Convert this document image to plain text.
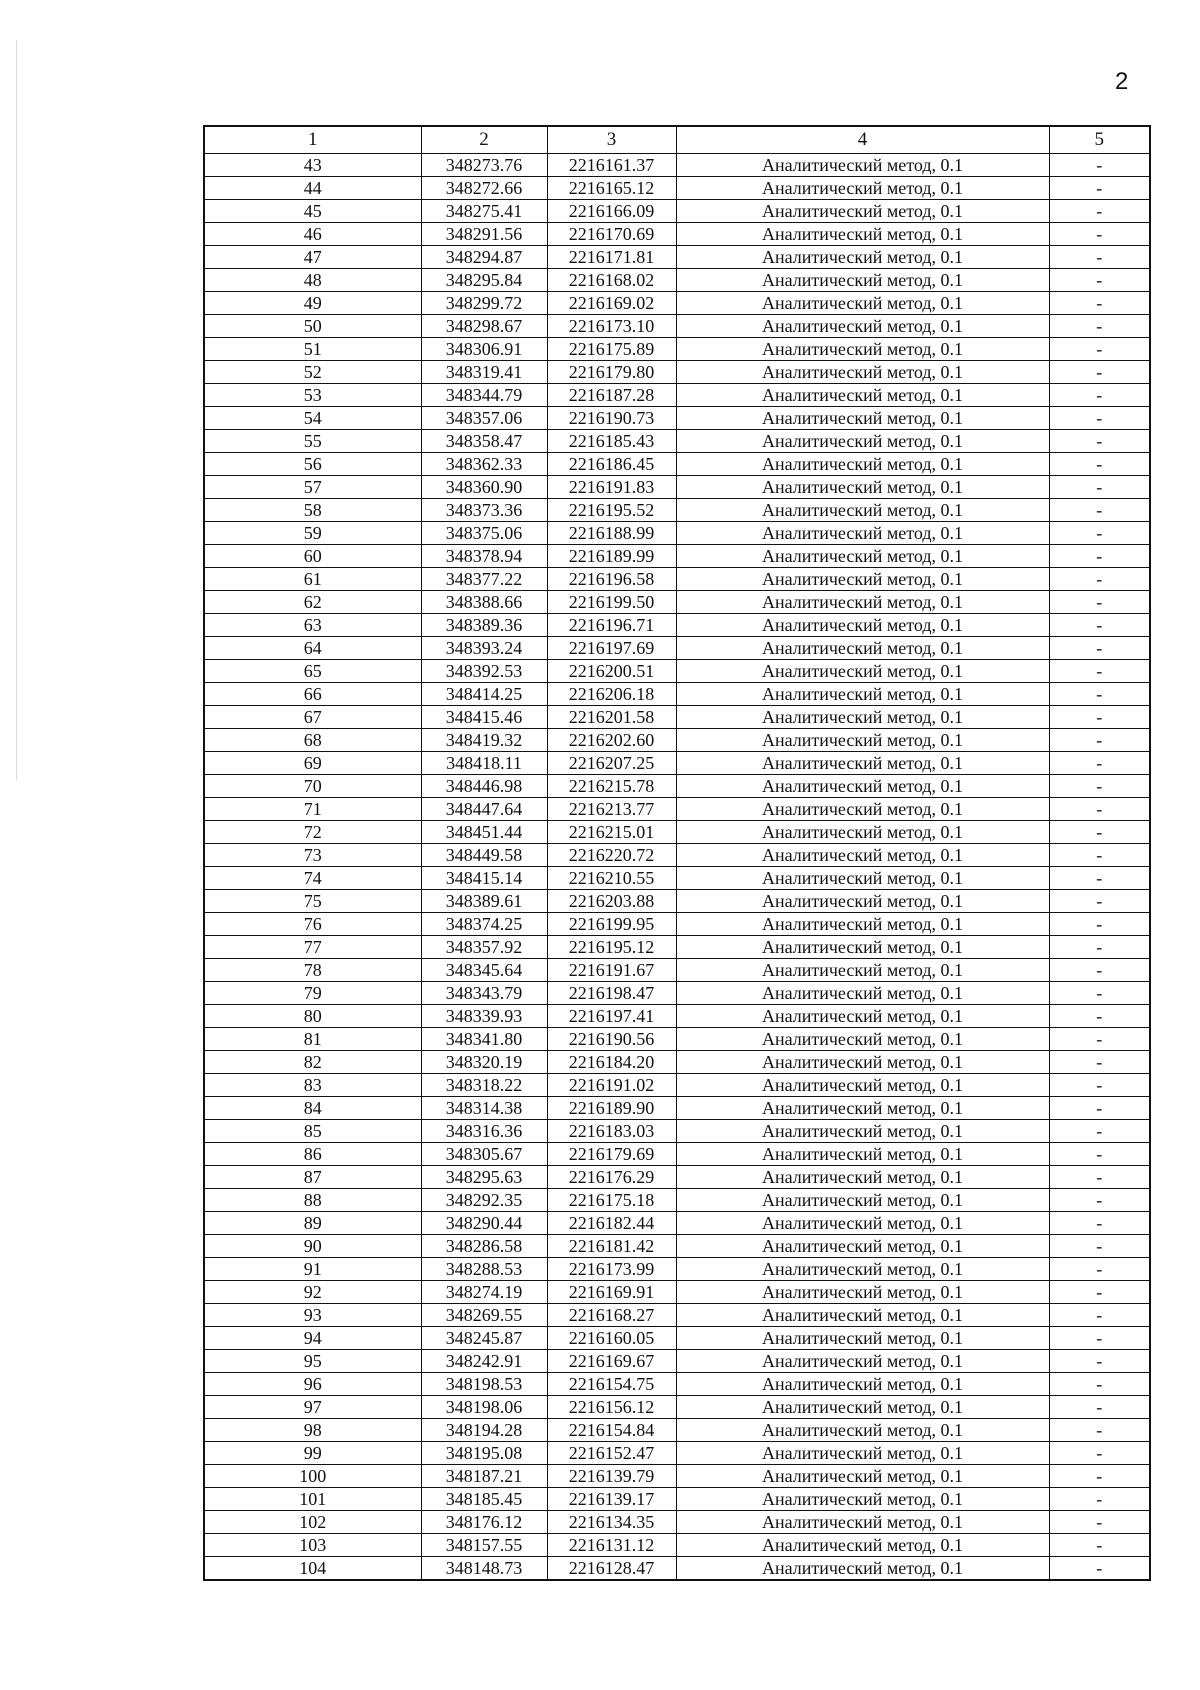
2
1	2	3	4	5
43	348273.76	2216161.37	Аналитический метод, 0.1	-
44	348272.66	2216165.12	Аналитический метод, 0.1	-
45	348275.41	2216166.09	Аналитический метод, 0.1	-
46	348291.56	2216170.69	Аналитический метод, 0.1	-
47	348294.87	2216171.81	Аналитический метод, 0.1	-
48	348295.84	2216168.02	Аналитический метод, 0.1	-
49	348299.72	2216169.02	Аналитический метод, 0.1	-
50	348298.67	2216173.10	Аналитический метод, 0.1	-
51	348306.91	2216175.89	Аналитический метод, 0.1	-
52	348319.41	2216179.80	Аналитический метод, 0.1	-
53	348344.79	2216187.28	Аналитический метод, 0.1	-
54	348357.06	2216190.73	Аналитический метод, 0.1	-
55	348358.47	2216185.43	Аналитический метод, 0.1	-
56	348362.33	2216186.45	Аналитический метод, 0.1	-
57	348360.90	2216191.83	Аналитический метод, 0.1	-
58	348373.36	2216195.52	Аналитический метод, 0.1	-
59	348375.06	2216188.99	Аналитический метод, 0.1	-
60	348378.94	2216189.99	Аналитический метод, 0.1	-
61	348377.22	2216196.58	Аналитический метод, 0.1	-
62	348388.66	2216199.50	Аналитический метод, 0.1	-
63	348389.36	2216196.71	Аналитический метод, 0.1	-
64	348393.24	2216197.69	Аналитический метод, 0.1	-
65	348392.53	2216200.51	Аналитический метод, 0.1	-
66	348414.25	2216206.18	Аналитический метод, 0.1	-
67	348415.46	2216201.58	Аналитический метод, 0.1	-
68	348419.32	2216202.60	Аналитический метод, 0.1	-
69	348418.11	2216207.25	Аналитический метод, 0.1	-
70	348446.98	2216215.78	Аналитический метод, 0.1	-
71	348447.64	2216213.77	Аналитический метод, 0.1	-
72	348451.44	2216215.01	Аналитический метод, 0.1	-
73	348449.58	2216220.72	Аналитический метод, 0.1	-
74	348415.14	2216210.55	Аналитический метод, 0.1	-
75	348389.61	2216203.88	Аналитический метод, 0.1	-
76	348374.25	2216199.95	Аналитический метод, 0.1	-
77	348357.92	2216195.12	Аналитический метод, 0.1	-
78	348345.64	2216191.67	Аналитический метод, 0.1	-
79	348343.79	2216198.47	Аналитический метод, 0.1	-
80	348339.93	2216197.41	Аналитический метод, 0.1	-
81	348341.80	2216190.56	Аналитический метод, 0.1	-
82	348320.19	2216184.20	Аналитический метод, 0.1	-
83	348318.22	2216191.02	Аналитический метод, 0.1	-
84	348314.38	2216189.90	Аналитический метод, 0.1	-
85	348316.36	2216183.03	Аналитический метод, 0.1	-
86	348305.67	2216179.69	Аналитический метод, 0.1	-
87	348295.63	2216176.29	Аналитический метод, 0.1	-
88	348292.35	2216175.18	Аналитический метод, 0.1	-
89	348290.44	2216182.44	Аналитический метод, 0.1	-
90	348286.58	2216181.42	Аналитический метод, 0.1	-
91	348288.53	2216173.99	Аналитический метод, 0.1	-
92	348274.19	2216169.91	Аналитический метод, 0.1	-
93	348269.55	2216168.27	Аналитический метод, 0.1	-
94	348245.87	2216160.05	Аналитический метод, 0.1	-
95	348242.91	2216169.67	Аналитический метод, 0.1	-
96	348198.53	2216154.75	Аналитический метод, 0.1	-
97	348198.06	2216156.12	Аналитический метод, 0.1	-
98	348194.28	2216154.84	Аналитический метод, 0.1	-
99	348195.08	2216152.47	Аналитический метод, 0.1	-
100	348187.21	2216139.79	Аналитический метод, 0.1	-
101	348185.45	2216139.17	Аналитический метод, 0.1	-
102	348176.12	2216134.35	Аналитический метод, 0.1	-
103	348157.55	2216131.12	Аналитический метод, 0.1	-
104	348148.73	2216128.47	Аналитический метод, 0.1	-
